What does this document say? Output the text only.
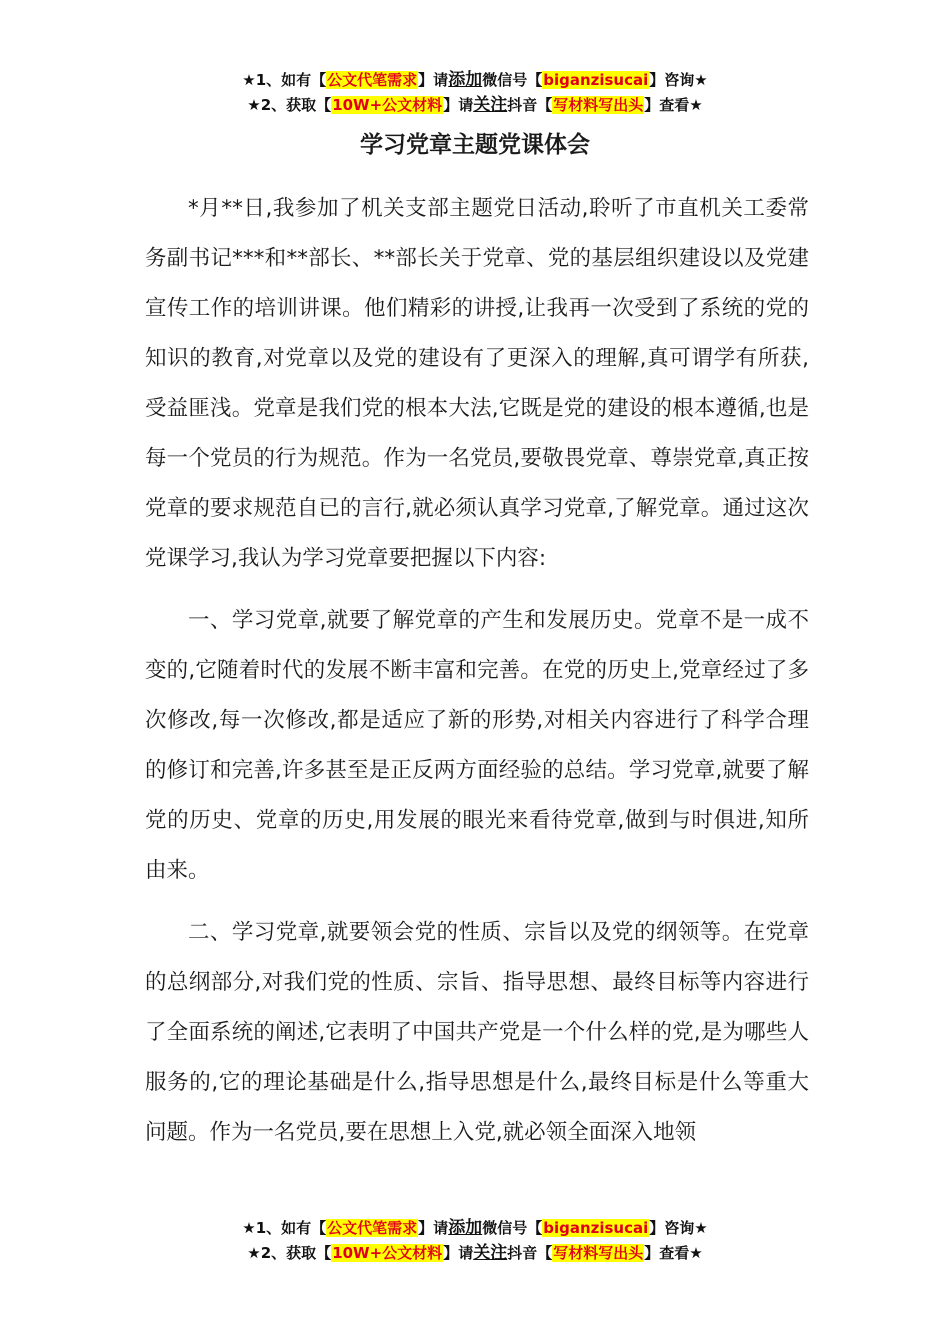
★1、如有【公文代笔需求】请添加微信号【biganzisucai】咨询★
★2、获取【10W+公文材料】请关注抖音【写材料写出头】查看★
学习党章主题党课体会

*月**日,我参加了机关支部主题党日活动,聆听了市直机关工委常务副书记***和**部长、**部长关于党章、党的基层组织建设以及党建宣传工作的培训讲课。他们精彩的讲授,让我再一次受到了系统的党的知识的教育,对党章以及党的建设有了更深入的理解,真可谓学有所获,受益匪浅。党章是我们党的根本大法,它既是党的建设的根本遵循,也是每一个党员的行为规范。作为一名党员,要敬畏党章、尊崇党章,真正按党章的要求规范自已的言行,就必须认真学习党章,了解党章。通过这次党课学习,我认为学习党章要把握以下内容:

一、学习党章,就要了解党章的产生和发展历史。党章不是一成不变的,它随着时代的发展不断丰富和完善。在党的历史上,党章经过了多次修改,每一次修改,都是适应了新的形势,对相关内容进行了科学合理的修订和完善,许多甚至是正反两方面经验的总结。学习党章,就要了解党的历史、党章的历史,用发展的眼光来看待党章,做到与时俱进,知所由来。

二、学习党章,就要领会党的性质、宗旨以及党的纲领等。在党章的总纲部分,对我们党的性质、宗旨、指导思想、最终目标等内容进行了全面系统的阐述,它表明了中国共产党是一个什么样的党,是为哪些人服务的,它的理论基础是什么,指导思想是什么,最终目标是什么等重大问题。作为一名党员,要在思想上入党,就必领全面深入地领

★1、如有【公文代笔需求】请添加微信号【biganzisucai】咨询★
★2、获取【10W+公文材料】请关注抖音【写材料写出头】查看★
